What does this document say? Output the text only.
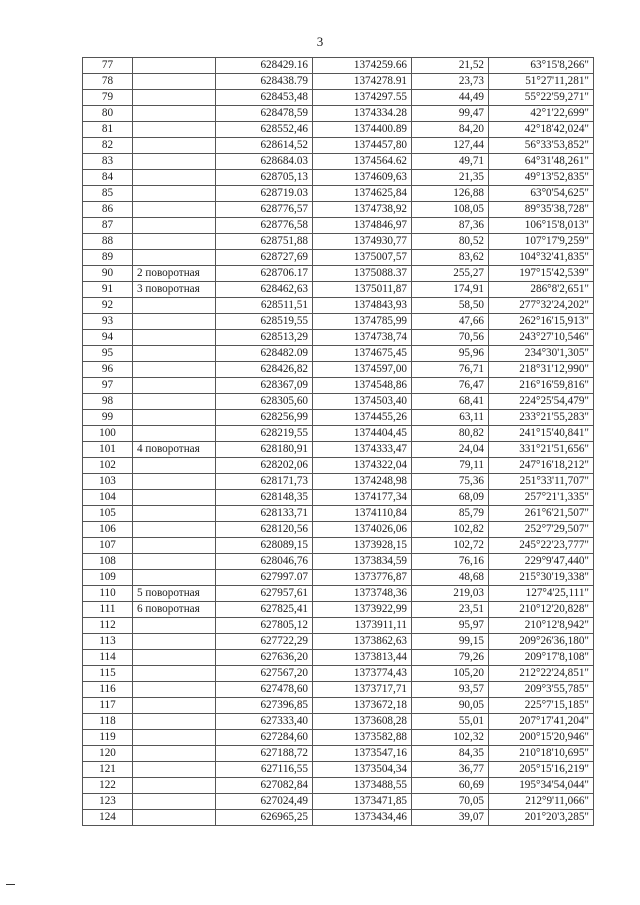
3
77		628429.16	1374259.66	21,52	63°15'8,266"
78		628438.79	1374278.91	23,73	51°27'11,281"
79		628453,48	1374297.55	44,49	55°22'59,271"
80		628478,59	1374334.28	99,47	42°1'22,699"
81		628552,46	1374400.89	84,20	42°18'42,024"
82		628614,52	1374457,80	127,44	56°33'53,852"
83		628684.03	1374564.62	49,71	64°31'48,261"
84		628705,13	1374609,63	21,35	49°13'52,835"
85		628719.03	1374625,84	126,88	63°0'54,625"
86		628776,57	1374738,92	108,05	89°35'38,728"
87		628776,58	1374846,97	87,36	106°15'8,013"
88		628751,88	1374930,77	80,52	107°17'9,259"
89		628727,69	1375007,57	83,62	104°32'41,835"
90	2 поворотная	628706.17	1375088.37	255,27	197°15'42,539"
91	3 поворотная	628462,63	1375011,87	174,91	286°8'2,651"
92		628511,51	1374843,93	58,50	277°32'24,202"
93		628519,55	1374785,99	47,66	262°16'15,913"
94		628513,29	1374738,74	70,56	243°27'10,546"
95		628482.09	1374675,45	95,96	234°30'1,305"
96		628426,82	1374597,00	76,71	218°31'12,990"
97		628367,09	1374548,86	76,47	216°16'59,816"
98		628305,60	1374503,40	68,41	224°25'54,479"
99		628256,99	1374455,26	63,11	233°21'55,283"
100		628219,55	1374404,45	80,82	241°15'40,841"
101	4 поворотная	628180,91	1374333,47	24,04	331°21'51,656"
102		628202,06	1374322,04	79,11	247°16'18,212"
103		628171,73	1374248,98	75,36	251°33'11,707"
104		628148,35	1374177,34	68,09	257°21'1,335"
105		628133,71	1374110,84	85,79	261°6'21,507"
106		628120,56	1374026,06	102,82	252°7'29,507"
107		628089,15	1373928,15	102,72	245°22'23,777"
108		628046,76	1373834,59	76,16	229°9'47,440"
109		627997.07	1373776,87	48,68	215°30'19,338"
110	5 поворотная	627957,61	1373748,36	219,03	127°4'25,111"
111	6 поворотная	627825,41	1373922,99	23,51	210°12'20,828"
112		627805,12	1373911,11	95,97	210°12'8,942"
113		627722,29	1373862,63	99,15	209°26'36,180"
114		627636,20	1373813,44	79,26	209°17'8,108"
115		627567,20	1373774,43	105,20	212°22'24,851"
116		627478,60	1373717,71	93,57	209°3'55,785"
117		627396,85	1373672,18	90,05	225°7'15,185"
118		627333,40	1373608,28	55,01	207°17'41,204"
119		627284,60	1373582,88	102,32	200°15'20,946"
120		627188,72	1373547,16	84,35	210°18'10,695"
121		627116,55	1373504,34	36,77	205°15'16,219"
122		627082,84	1373488,55	60,69	195°34'54,044"
123		627024,49	1373471,85	70,05	212°9'11,066"
124		626965,25	1373434,46	39,07	201°20'3,285"
